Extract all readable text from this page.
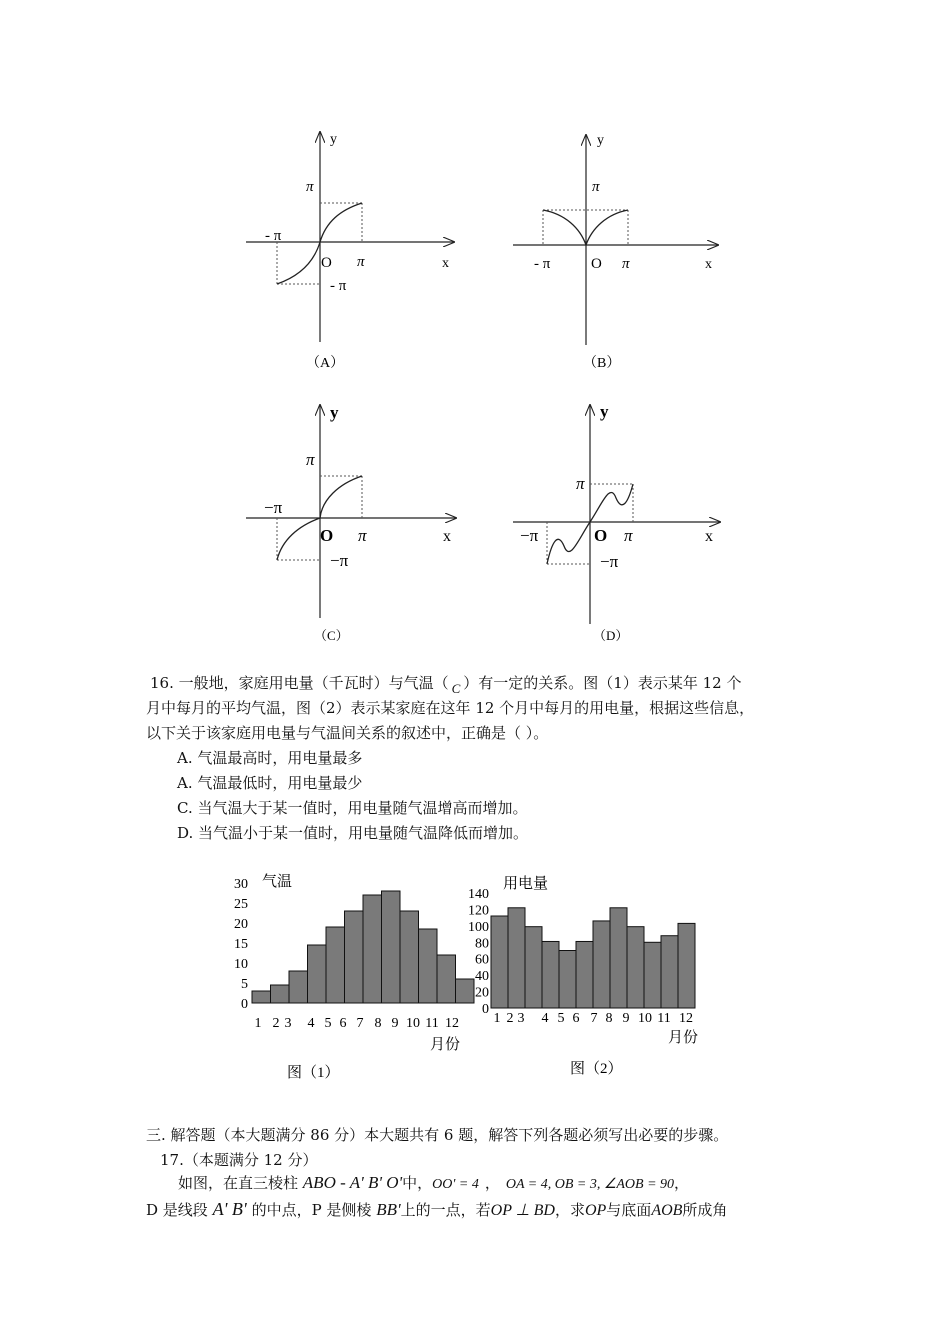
y
x
O
π
π
- π
- π
（A）
y
x
O
π
π
- π
（B）
y
x
O
π
π
−π
−π
（C）
y
x
O
π
π
−π
−π
（D）
16. 一般地，家庭用电量（千瓦时）与气温（ C ）有一定的关系。图（1）表示某年 12 个
月中每月的平均气温，图（2）表示某家庭在这年 12 个月中每月的用电量，根据这些信息，
以下关于该家庭用电量与气温间关系的叙述中，正确是（ ）。
A. 气温最高时，用电量最多
A. 气温最低时，用电量最少
C. 当气温大于某一值时，用电量随气温增高而增加。
D. 当气温小于某一值时，用电量随气温降低而增加。
气温
月份
图（1）
0
5
10
15
20
25
30
1 2 3 4 5 6 7 8 9 10 11 12
用电量
月份
图（2）
0
20
40
60
80
100
120
140
1 2 3 4 5 6 7 8 9 10 11 12
三. 解答题（本大题满分 86 分）本大题共有 6 题，解答下列各题必须写出必要的步骤。
17.（本题满分 12 分）
如图，在直三棱柱 ABO - A' B' O'中，OO' = 4 ， OA = 4, OB = 3, ∠AOB = 90，
D 是线段 A' B' 的中点，P 是侧棱 BB'上的一点，若OP ⊥ BD，求OP与底面AOB所成角
